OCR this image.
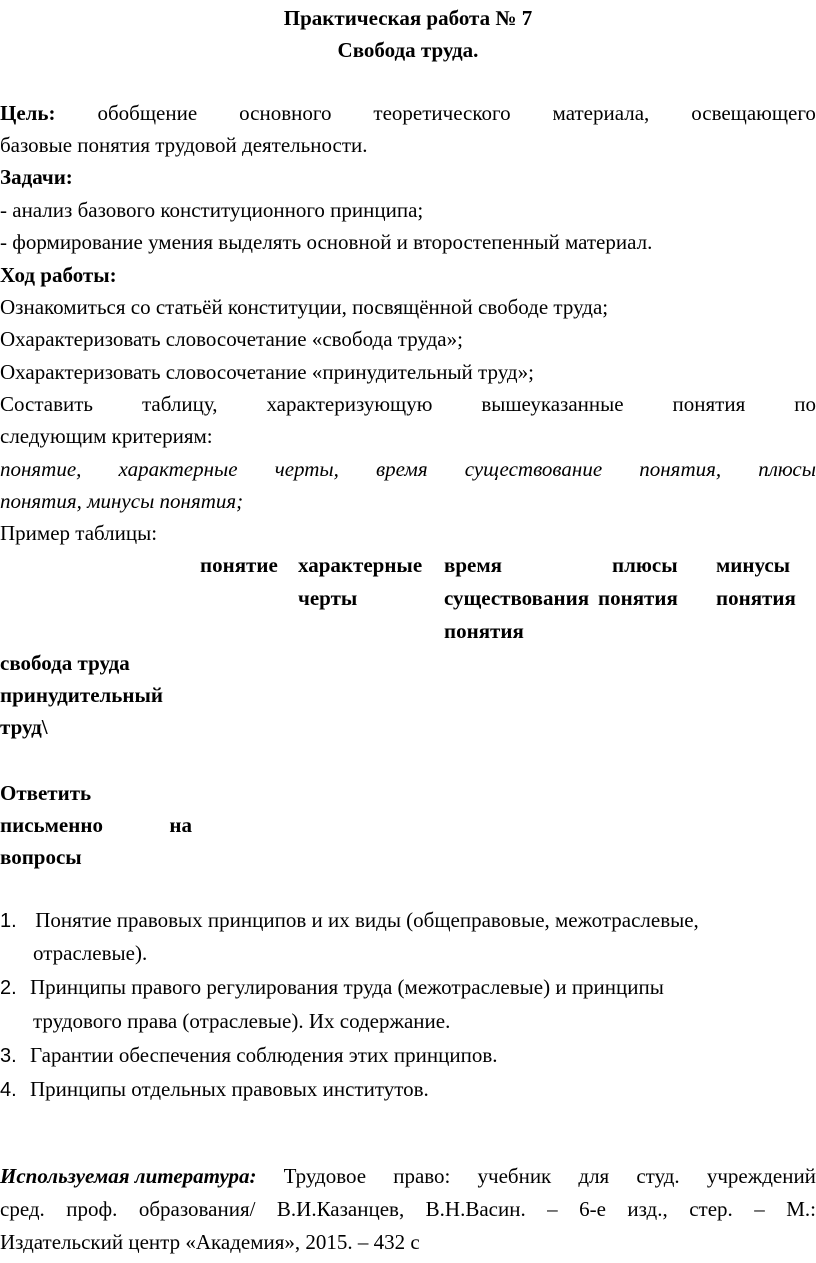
Практическая работа № 7
Свобода труда.
Цель: обобщение основного теоретического материала, освещающего
базовые понятия трудовой деятельности.
Задачи:
- анализ базового конституционного принципа;
- формирование умения выделять основной и второстепенный материал.
Ход работы:
Ознакомиться со статьёй конституции, посвящённой свободе труда;
Охарактеризовать словосочетание «свобода труда»;
Охарактеризовать словосочетание «принудительный труд»;
Составить таблицу, характеризующую вышеуказанные понятия по
следующим критериям:
понятие, характерные черты, время существование понятия, плюсы
понятия, минусы понятия;
Пример таблицы:
понятие характерные
черты
время
существования
понятия
плюсы
понятия
минусы
понятия
свобода труда
принудительный
труд\
Ответить
письменно	на
вопросы
1. Понятие правовых принципов и их виды (общеправовые, межотраслевые,
отраслевые).
2. Принципы правого регулирования труда (межотраслевые) и принципы
трудового права (отраслевые). Их содержание.
3. Гарантии обеспечения соблюдения этих принципов.
4. Принципы отдельных правовых институтов.
Используемая литература: Трудовое право: учебник для студ. учреждений
сред. проф. образования/ В.И.Казанцев, В.Н.Васин. – 6-е изд., стер. – М.:
Издательский центр «Академия», 2015. – 432 с
